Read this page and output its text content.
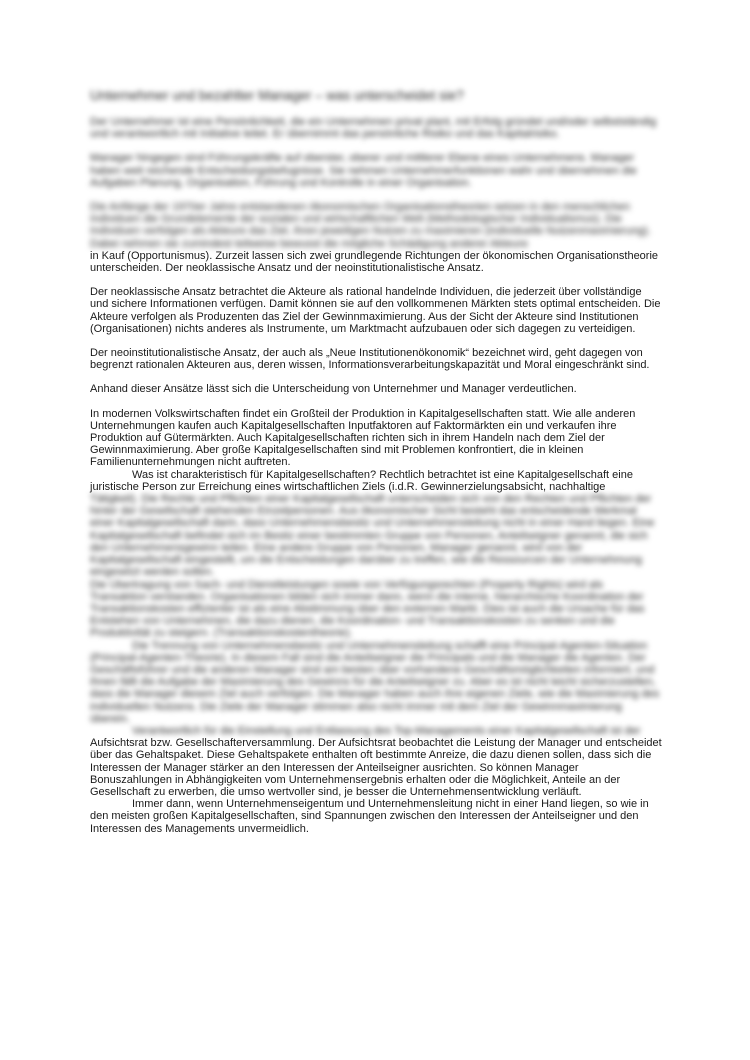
Unternehmer und bezahlter Manager – was unterscheidet sie?

Der Unternehmer ist eine Persönlichkeit, die ein Unternehmen privat plant, mit Erfolg gründet und/oder selbstständig und verantwortlich mit Initiative leitet. Er übernimmt das persönliche Risiko und das Kapitalrisiko.

Manager hingegen sind Führungskräfte auf oberster, oberer und mittlerer Ebene eines Unternehmens. Manager haben weit reichende Entscheidungsbefugnisse. Sie nehmen Unternehmerfunktionen wahr und übernehmen die Aufgaben Planung, Organisation, Führung und Kontrolle in einer Organisation.

Die Anfänge der 1970er Jahre entstandenen ökonomischen Organisationstheorien setzen in den menschlichen Individuen die Grundelemente der sozialen und wirtschaftlichen Welt (Methodologischer Individualismus). Die Individuen verfolgen als Akteure das Ziel, ihren jeweiligen Nutzen zu maximieren (individuelle Nutzenmaximierung). Dabei nehmen sie zumindest teilweise bewusst die mögliche Schädigung anderer Akteure

in Kauf (Opportunismus). Zurzeit lassen sich zwei grundlegende Richtungen der ökonomischen Organisationstheorie unterscheiden. Der neoklassische Ansatz und der neoinstitutionalistische Ansatz.

Der neoklassische Ansatz betrachtet die Akteure als rational handelnde Individuen, die jederzeit über vollständige und sichere Informationen verfügen. Damit können sie auf den vollkommenen Märkten stets optimal entscheiden. Die Akteure verfolgen als Produzenten das Ziel der Gewinnmaximierung. Aus der Sicht der Akteure sind Institutionen (Organisationen) nichts anderes als Instrumente, um Marktmacht aufzubauen oder sich dagegen zu verteidigen.

Der neoinstitutionalistische Ansatz, der auch als „Neue Institutionenökonomik“ bezeichnet wird, geht dagegen von begrenzt rationalen Akteuren aus, deren wissen, Informationsverarbeitungskapazität und Moral eingeschränkt sind.

Anhand dieser Ansätze lässt sich die Unterscheidung von Unternehmer und Manager verdeutlichen.

In modernen Volkswirtschaften findet ein Großteil der Produktion in Kapitalgesellschaften statt. Wie alle anderen Unternehmungen kaufen auch Kapitalgesellschaften Inputfaktoren auf Faktormärkten ein und verkaufen ihre Produktion auf Gütermärkten. Auch Kapitalgesellschaften richten sich in ihrem Handeln nach dem Ziel der Gewinnmaximierung. Aber große Kapitalgesellschaften sind mit Problemen konfrontiert, die in kleinen Familienunternehmungen nicht auftreten.

Was ist charakteristisch für Kapitalgesellschaften? Rechtlich betrachtet ist eine Kapitalgesellschaft eine juristische Person zur Erreichung eines wirtschaftlichen Ziels (i.d.R. Gewinnerzielungsabsicht, nachhaltige

Tätigkeit). Die Rechte und Pflichten einer Kapitalgesellschaft unterscheiden sich von den Rechten und Pflichten der hinter der Gesellschaft stehenden Einzelpersonen. Aus ökonomischer Sicht besteht das entscheidende Merkmal einer Kapitalgesellschaft darin, dass Unternehmensbesitz und Unternehmensleitung nicht in einer Hand liegen. Eine Kapitalgesellschaft befindet sich im Besitz einer bestimmten Gruppe von Personen, Anteilseigner genannt, die sich den Unternehmensgewinn teilen. Eine andere Gruppe von Personen, Manager genannt, wird von der Kapitalgesellschaft eingestellt, um die Entscheidungen darüber zu treffen, wie die Ressourcen der Unternehmung eingesetzt werden sollen.

Die Übertragung von Sach- und Dienstleistungen sowie von Verfügungsrechten (Property Rights) wird als Transaktion verstanden. Organisationen bilden sich immer dann, wenn die interne, hierarchische Koordination der Transaktionskosten effizienter ist als eine Abstimmung über den externen Markt. Dies ist auch die Ursache für das Entstehen von Unternehmen, die dazu dienen, die Koordination- und Transaktionskosten zu senken und die Produktivität zu steigern. (Transaktionskostentheorie).

Die Trennung von Unternehmensbesitz und Unternehmensleitung schafft eine Principal-Agenten-Situation (Principal-Agenten-Theorie). In diesem Fall sind die Anteilseigner die Principals und die Manager die Agenten. Der Geschäftsführer und die anderen Manager sind am besten über vorhandene Geschäftsmöglichkeiten informiert, und ihnen fällt die Aufgabe der Maximierung des Gewinns für die Anteilseigner zu. Aber es ist nicht leicht sicherzustellen, dass die Manager diesem Ziel auch verfolgen. Die Manager haben auch ihre eigenen Ziele, wie die Maximierung des individuellen Nutzens. Die Ziele der Manager stimmen also nicht immer mit dem Ziel der Gewinnmaximierung überein.

Verantwortlich für die Einstellung und Entlassung des Top-Managements einer Kapitalgesellschaft ist der

Aufsichtsrat bzw. Gesellschafterversammlung. Der Aufsichtsrat beobachtet die Leistung der Manager und entscheidet über das Gehaltspaket. Diese Gehaltspakete enthalten oft bestimmte Anreize, die dazu dienen sollen, dass sich die Interessen der Manager stärker an den Interessen der Anteilseigner ausrichten. So können Manager Bonuszahlungen in Abhängigkeiten vom Unternehmensergebnis erhalten oder die Möglichkeit, Anteile an der Gesellschaft zu erwerben, die umso wertvoller sind, je besser die Unternehmensentwicklung verläuft.

Immer dann, wenn Unternehmenseigentum und Unternehmensleitung nicht in einer Hand liegen, so wie in den meisten großen Kapitalgesellschaften, sind Spannungen zwischen den Interessen der Anteilseigner und den Interessen des Managements unvermeidlich.
